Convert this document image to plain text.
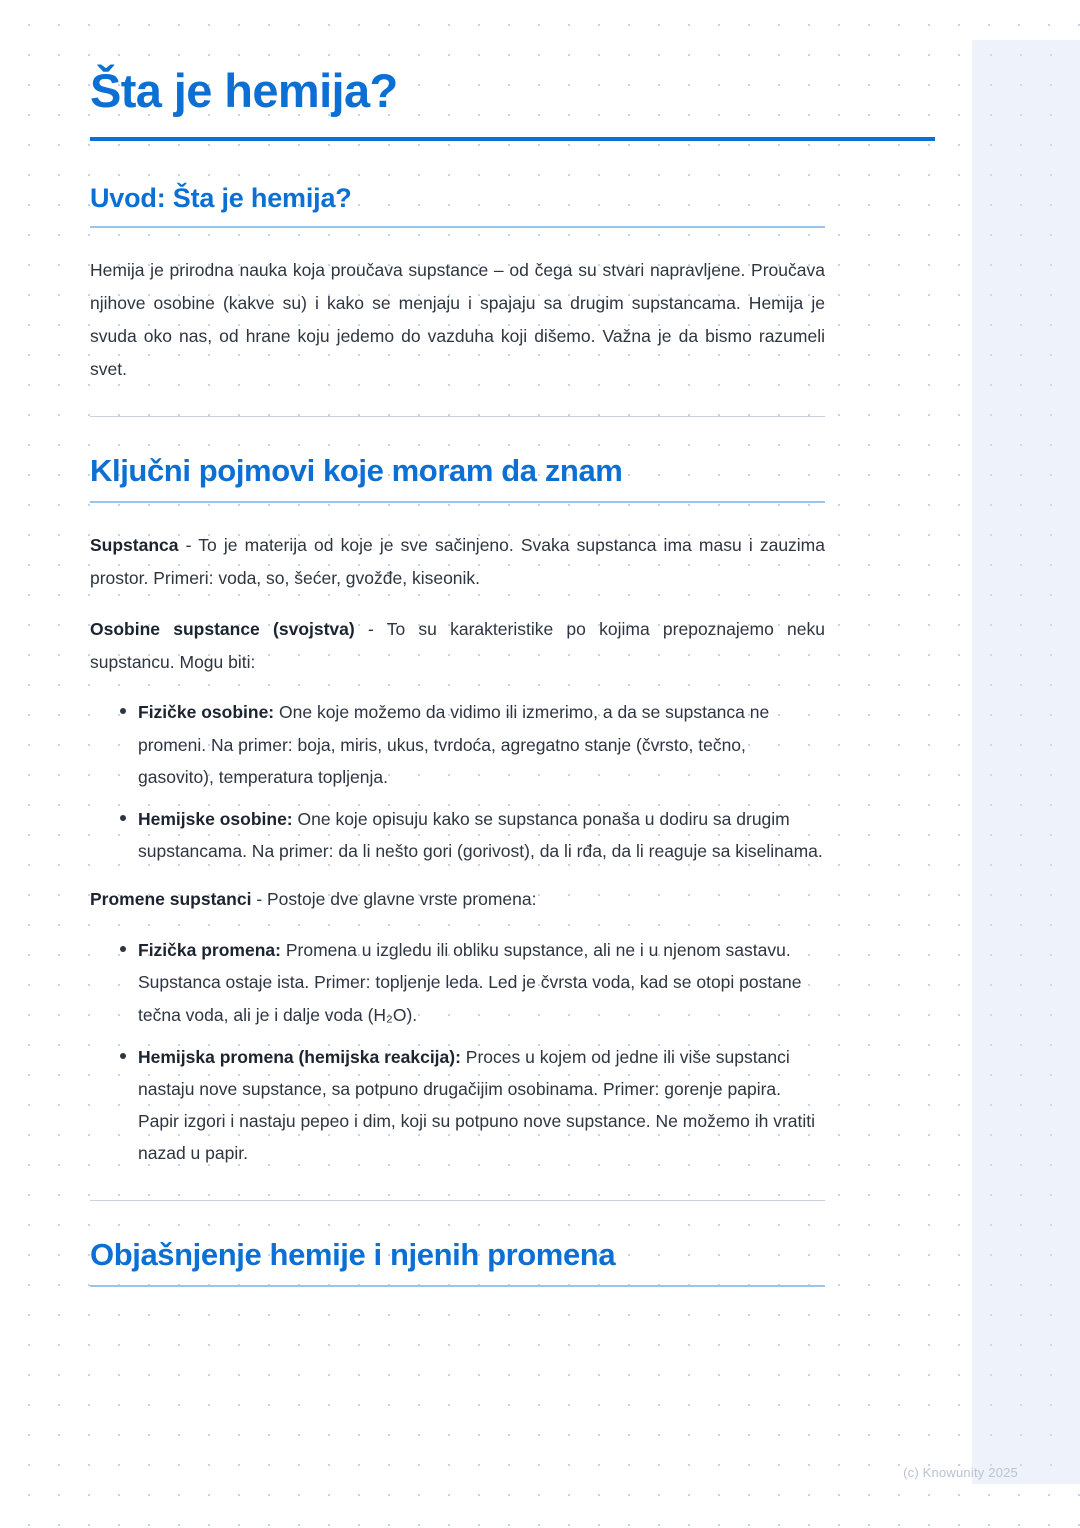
Šta je hemija?
Uvod: Šta je hemija?

Hemija je prirodna nauka koja proučava supstance – od čega su stvari napravljene. Proučava njihove osobine (kakve su) i kako se menjaju i spajaju sa drugim supstancama. Hemija je svuda oko nas, od hrane koju jedemo do vazduha koji dišemo. Važna je da bismo razumeli svet.

Ključni pojmovi koje moram da znam

Supstanca - To je materija od koje je sve sačinjeno. Svaka supstanca ima masu i zauzima prostor. Primeri: voda, so, šećer, gvožđe, kiseonik.

Osobine supstance (svojstva) - To su karakteristike po kojima prepoznajemo neku supstancu. Mogu biti:

Fizičke osobine: One koje možemo da vidimo ili izmerimo, a da se supstanca ne promeni. Na primer: boja, miris, ukus, tvrdoća, agregatno stanje (čvrsto, tečno, gasovito), temperatura topljenja.
Hemijske osobine: One koje opisuju kako se supstanca ponaša u dodiru sa drugim supstancama. Na primer: da li nešto gori (gorivost), da li rđa, da li reaguje sa kiselinama.

Promene supstanci - Postoje dve glavne vrste promena:

Fizička promena: Promena u izgledu ili obliku supstance, ali ne i u njenom sastavu. Supstanca ostaje ista. Primer: topljenje leda. Led je čvrsta voda, kad se otopi postane tečna voda, ali je i dalje voda (H₂O).
Hemijska promena (hemijska reakcija): Proces u kojem od jedne ili više supstanci nastaju nove supstance, sa potpuno drugačijim osobinama. Primer: gorenje papira. Papir izgori i nastaju pepeo i dim, koji su potpuno nove supstance. Ne možemo ih vratiti nazad u papir.
Objašnjenje hemije i njenih promena
(c) Knowunity 2025
